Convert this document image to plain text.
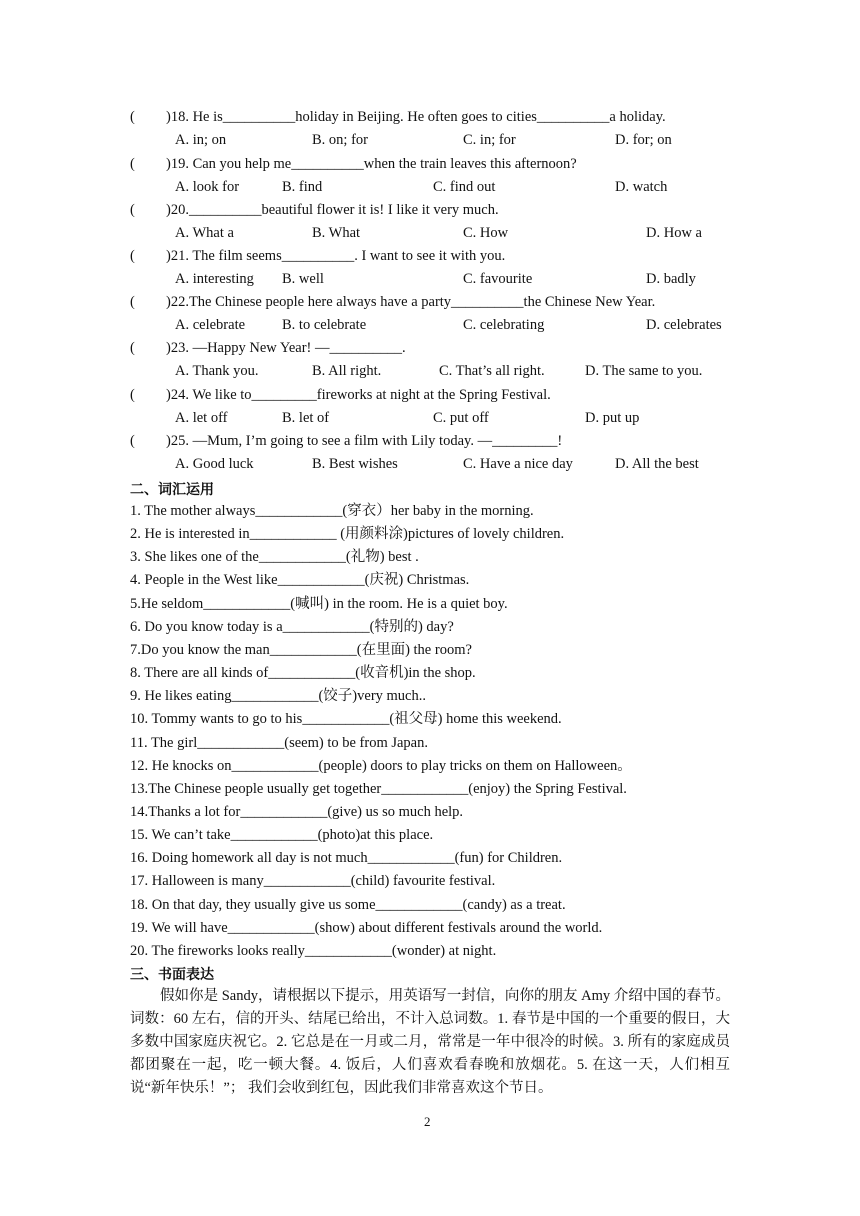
( )18. He is__________holiday in Beijing. He often goes to cities__________a holiday.
A. in; on	B. on; for	C. in; for	D. for; on
( )19. Can you help me__________when the train leaves this afternoon?
A. look for	B. find	C. find out	D. watch
( )20.__________beautiful flower it is! I like it very much.
A. What a	B. What	C. How	D. How a
( )21. The film seems__________. I want to see it with you.
A. interesting B. well	C. favourite	D. badly
( )22.The Chinese people here always have a party__________the Chinese New Year.
A. celebrate	B. to celebrate	C. celebrating	D. celebrates
( )23. —Happy New Year! —__________.
A. Thank you.	B. All right.	C. That’s all right.	D. The same to you.
( )24. We like to_________fireworks at night at the Spring Festival.
A. let off	B. let of	C. put off	D. put up
( )25. —Mum, I’m going to see a film with Lily today. —_________!
A. Good luck	B. Best wishes	C. Have a nice day	D. All the best
二、词汇运用
1. The mother always____________(穿衣）her baby in the morning.
2. He is interested in____________ (用颜料涂)pictures of lovely children.
3. She likes one of the____________(礼物) best .
4. People in the West like____________(庆祝) Christmas.
5.He seldom____________(喊叫) in the room. He is a quiet boy.
6. Do you know today is a____________(特别的) day?
7.Do you know the man____________(在里面) the room?
8. There are all kinds of____________(收音机)in the shop.
9. He likes eating____________(饺子)very much..
10. Tommy wants to go to his____________(祖父母) home this weekend.
11. The girl____________(seem) to be from Japan.
12. He knocks on____________(people) doors to play tricks on them on Halloween。
13.The Chinese people usually get together____________(enjoy) the Spring Festival.
14.Thanks a lot for____________(give) us so much help.
15. We can’t take____________(photo)at this place.
16. Doing homework all day is not much____________(fun) for Children.
17. Halloween is many____________(child) favourite festival.
18. On that day, they usually give us some____________(candy) as a treat.
19. We will have____________(show) about different festivals around the world.
20. The fireworks looks really____________(wonder) at night.
三、书面表达
假如你是 Sandy，请根据以下提示，用英语写一封信，向你的朋友 Amy 介绍中国的春节。词数：60 左右，信的开头、结尾已给出，不计入总词数。1. 春节是中国的一个重要的假日，大多数中国家庭庆祝它。2. 它总是在一月或二月，常常是一年中很冷的时候。3. 所有的家庭成员都团聚在一起，吃一顿大餐。4. 饭后，人们喜欢看春晚和放烟花。5. 在这一天，人们相互说“新年快乐！”； 我们会收到红包，因此我们非常喜欢这个节日。
2
